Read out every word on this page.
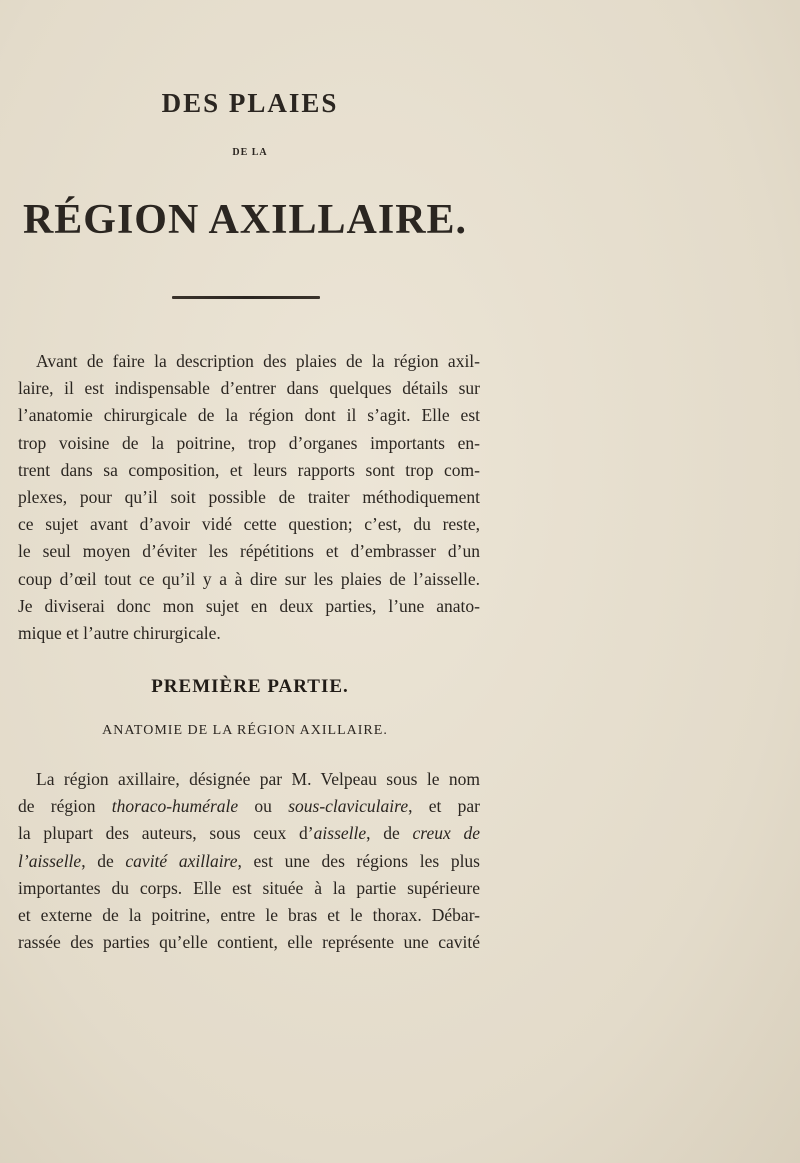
DES PLAIES
DE LA
RÉGION AXILLAIRE.
Avant de faire la description des plaies de la région axil-
laire, il est indispensable d’entrer dans quelques détails sur
l’anatomie chirurgicale de la région dont il s’agit. Elle est
trop voisine de la poitrine, trop d’organes importants en-
trent dans sa composition, et leurs rapports sont trop com-
plexes, pour qu’il soit possible de traiter méthodiquement
ce sujet avant d’avoir vidé cette question; c’est, du reste,
le seul moyen d’éviter les répétitions et d’embrasser d’un
coup d’œil tout ce qu’il y a à dire sur les plaies de l’aisselle.
Je diviserai donc mon sujet en deux parties, l’une anato-
mique et l’autre chirurgicale.
PREMIÈRE PARTIE.
ANATOMIE DE LA RÉGION AXILLAIRE.
La région axillaire, désignée par M. Velpeau sous le nom
de région thoraco-humérale ou sous-claviculaire, et par
la plupart des auteurs, sous ceux d’aisselle, de creux de
l’aisselle, de cavité axillaire, est une des régions les plus
importantes du corps. Elle est située à la partie supérieure
et externe de la poitrine, entre le bras et le thorax. Débar-
rassée des parties qu’elle contient, elle représente une cavité
